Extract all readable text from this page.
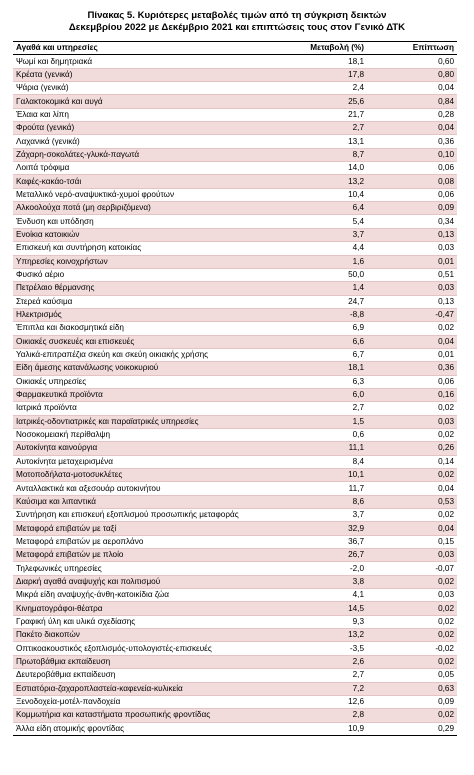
Πίνακας 5. Κυριότερες μεταβολές τιμών από τη σύγκριση δεικτών
Δεκεμβρίου 2022 με Δεκέμβριο 2021 και επιπτώσεις τους στον Γενικό ΔΤΚ
Αγαθά και υπηρεσίες	Μεταβολή (%)	Επίπτωση
Ψωμί και δημητριακά	18,1	0,60
Κρέατα (γενικά)	17,8	0,80
Ψάρια (γενικά)	2,4	0,04
Γαλακτοκομικά και αυγά	25,6	0,84
Έλαια και λίπη	21,7	0,28
Φρούτα (γενικά)	2,7	0,04
Λαχανικά (γενικά)	13,1	0,36
Ζάχαρη-σοκολάτες-γλυκά-παγωτά	8,7	0,10
Λοιπά τρόφιμα	14,0	0,06
Καφές-κακάο-τσάι	13,2	0,08
Μεταλλικό νερό-αναψυκτικά-χυμοί φρούτων	10,4	0,06
Αλκοολούχα ποτά (μη σερβιριζόμενα)	6,4	0,09
Ένδυση και υπόδηση	5,4	0,34
Ενοίκια κατοικιών	3,7	0,13
Επισκευή και συντήρηση κατοικίας	4,4	0,03
Υπηρεσίες κοινοχρήστων	1,6	0,01
Φυσικό αέριο	50,0	0,51
Πετρέλαιο θέρμανσης	1,4	0,03
Στερεά καύσιμα	24,7	0,13
Ηλεκτρισμός	-8,8	-0,47
Έπιπλα και διακοσμητικά είδη	6,9	0,02
Οικιακές συσκευές και επισκευές	6,6	0,04
Υαλικά-επιτραπέζια σκεύη και σκεύη οικιακής χρήσης	6,7	0,01
Είδη άμεσης κατανάλωσης νοικοκυριού	18,1	0,36
Οικιακές υπηρεσίες	6,3	0,06
Φαρμακευτικά προϊόντα	6,0	0,16
Ιατρικά προϊόντα	2,7	0,02
Ιατρικές-οδοντιατρικές και παραϊατρικές υπηρεσίες	1,5	0,03
Νοσοκομειακή περίθαλψη	0,6	0,02
Αυτοκίνητα καινούργια	11,1	0,26
Αυτοκίνητα μεταχειρισμένα	8,4	0,14
Μοτοποδήλατα-μοτοσυκλέτες	10,1	0,02
Ανταλλακτικά και αξεσουάρ αυτοκινήτου	11,7	0,04
Καύσιμα και λιπαντικά	8,6	0,53
Συντήρηση και επισκευή εξοπλισμού προσωπικής μεταφοράς	3,7	0,02
Μεταφορά επιβατών με ταξί	32,9	0,04
Μεταφορά επιβατών με αεροπλάνο	36,7	0,15
Μεταφορά επιβατών με πλοίο	26,7	0,03
Τηλεφωνικές υπηρεσίες	-2,0	-0,07
Διαρκή αγαθά αναψυχής και πολιτισμού	3,8	0,02
Μικρά είδη αναψυχής-άνθη-κατοικίδια ζώα	4,1	0,03
Κινηματογράφοι-θέατρα	14,5	0,02
Γραφική ύλη και υλικά σχεδίασης	9,3	0,02
Πακέτο διακοπών	13,2	0,02
Οπτικοακουστικός εξοπλισμός-υπολογιστές-επισκευές	-3,5	-0,02
Πρωτοβάθμια εκπαίδευση	2,6	0,02
Δευτεροβάθμια εκπαίδευση	2,7	0,05
Εστιατόρια-ζαχαροπλαστεία-καφενεία-κυλικεία	7,2	0,63
Ξενοδοχεία-μοτέλ-πανδοχεία	12,6	0,09
Κομμωτήρια και καταστήματα προσωπικής φροντίδας	2,8	0,02
Άλλα είδη ατομικής φροντίδας	10,9	0,29
